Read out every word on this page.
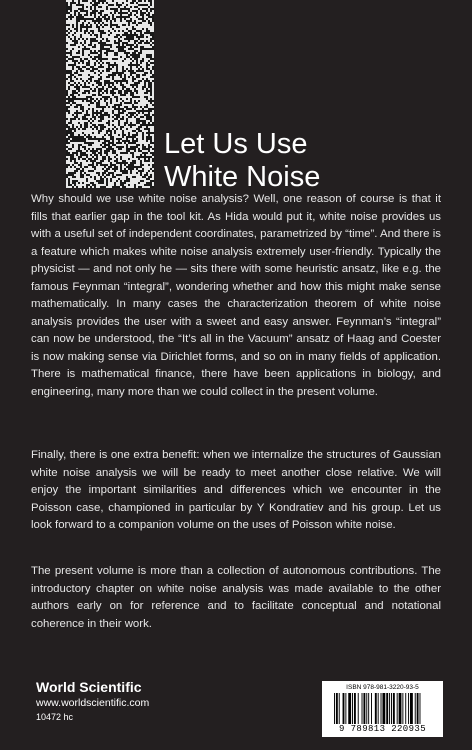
Let Us Use
White Noise

Why should we use white noise analysis? Well, one reason of course is that it fills that earlier gap in the tool kit. As Hida would put it, white noise provides us with a useful set of independent coordinates, parametrized by “time”. And there is a feature which makes white noise analysis extremely user-friendly. Typically the physicist — and not only he — sits there with some heuristic ansatz, like e.g. the famous Feynman “integral”, wondering whether and how this might make sense mathematically. In many cases the characterization theorem of white noise analysis provides the user with a sweet and easy answer. Feynman’s “integral” can now be understood, the “It’s all in the Vacuum” ansatz of Haag and Coester is now making sense via Dirichlet forms, and so on in many fields of application. There is mathematical finance, there have been applications in biology, and engineering, many more than we could collect in the present volume.

Finally, there is one extra benefit: when we internalize the structures of Gaussian white noise analysis we will be ready to meet another close relative. We will enjoy the important similarities and differences which we encounter in the Poisson case, championed in particular by Y Kondratiev and his group. Let us look forward to a companion volume on the uses of Poisson white noise.

The present volume is more than a collection of autonomous contributions. The introductory chapter on white noise analysis was made available to the other authors early on for reference and to facilitate conceptual and notational coherence in their work.

World Scientific
www.worldscientific.com
10472 hc
ISBN 978-981-3220-93-5
9 789813 220935
